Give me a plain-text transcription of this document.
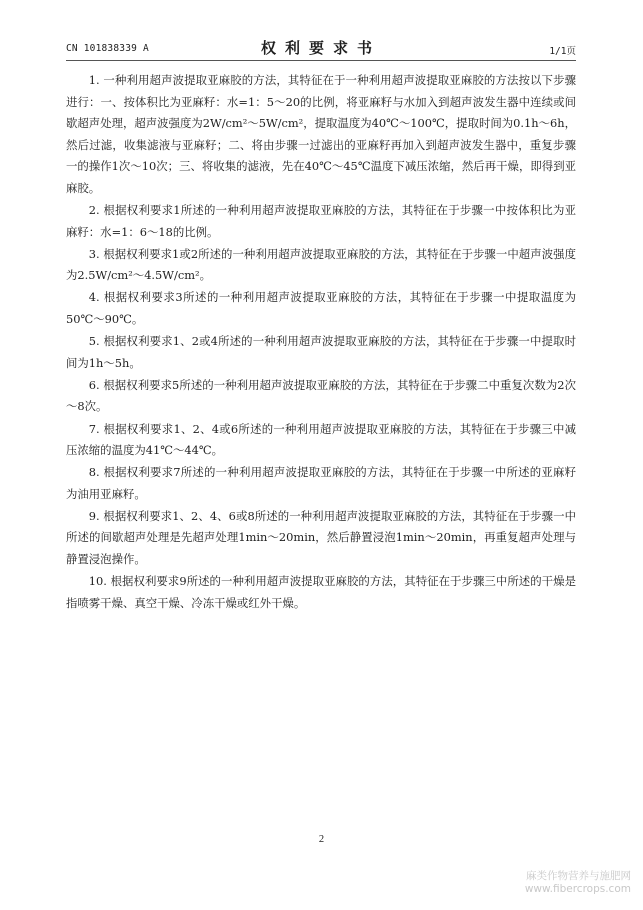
CN 101838339 A	权利要求书	1/1页

1. 一种利用超声波提取亚麻胶的方法，其特征在于一种利用超声波提取亚麻胶的方法按以下步骤进行：一、按体积比为亚麻籽：水=1：5～20的比例，将亚麻籽与水加入到超声波发生器中连续或间歇超声处理，超声波强度为2W/cm²～5W/cm²，提取温度为40℃～100℃，提取时间为0.1h～6h，然后过滤，收集滤液与亚麻籽；二、将由步骤一过滤出的亚麻籽再加入到超声波发生器中，重复步骤一的操作1次～10次；三、将收集的滤液，先在40℃～45℃温度下减压浓缩，然后再干燥，即得到亚麻胶。

2. 根据权利要求1所述的一种利用超声波提取亚麻胶的方法，其特征在于步骤一中按体积比为亚麻籽：水=1：6～18的比例。

3. 根据权利要求1或2所述的一种利用超声波提取亚麻胶的方法，其特征在于步骤一中超声波强度为2.5W/cm²～4.5W/cm²。

4. 根据权利要求3所述的一种利用超声波提取亚麻胶的方法，其特征在于步骤一中提取温度为50℃～90℃。

5. 根据权利要求1、2或4所述的一种利用超声波提取亚麻胶的方法，其特征在于步骤一中提取时间为1h～5h。

6. 根据权利要求5所述的一种利用超声波提取亚麻胶的方法，其特征在于步骤二中重复次数为2次～8次。

7. 根据权利要求1、2、4或6所述的一种利用超声波提取亚麻胶的方法，其特征在于步骤三中减压浓缩的温度为41℃～44℃。

8. 根据权利要求7所述的一种利用超声波提取亚麻胶的方法，其特征在于步骤一中所述的亚麻籽为油用亚麻籽。

9. 根据权利要求1、2、4、6或8所述的一种利用超声波提取亚麻胶的方法，其特征在于步骤一中所述的间歇超声处理是先超声处理1min～20min，然后静置浸泡1min～20min，再重复超声处理与静置浸泡操作。

10. 根据权利要求9所述的一种利用超声波提取亚麻胶的方法，其特征在于步骤三中所述的干燥是指喷雾干燥、真空干燥、冷冻干燥或红外干燥。

2
麻类作物营养与施肥网
www.fibercrops.com
